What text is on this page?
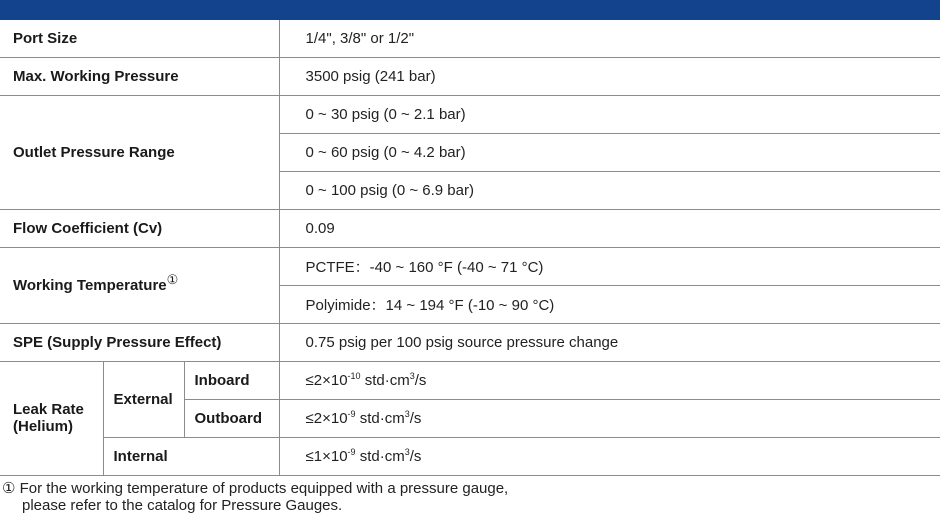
Port Size			1/4", 3/8" or 1/2"
Max. Working Pressure			3500 psig (241 bar)
Outlet Pressure Range			0 ~ 30 psig (0 ~ 2.1 bar)
			0 ~ 60 psig (0 ~ 4.2 bar)
			0 ~ 100 psig (0 ~ 6.9 bar)
Flow Coefficient (Cv)			0.09
Working Temperature①			PCTFE：-40 ~ 160 °F (-40 ~ 71 °C)
			Polyimide：14 ~ 194 °F (-10 ~ 90 °C)
SPE (Supply Pressure Effect)			0.75 psig per 100 psig source pressure change

Leak Rate
(Helium)	External	Inboard	$\le 2\times 10^{-10}$ $std\cdot cm^3/s$
		Outboard	$\le 2\times 10^{-9}$ $std\cdot cm^3/s$
	Internal		$\le 1\times 10^{-9}$ $std\cdot cm^3/s$
① For the working temperature of products equipped with a pressure gauge,
please refer to the catalog for Pressure Gauges.
